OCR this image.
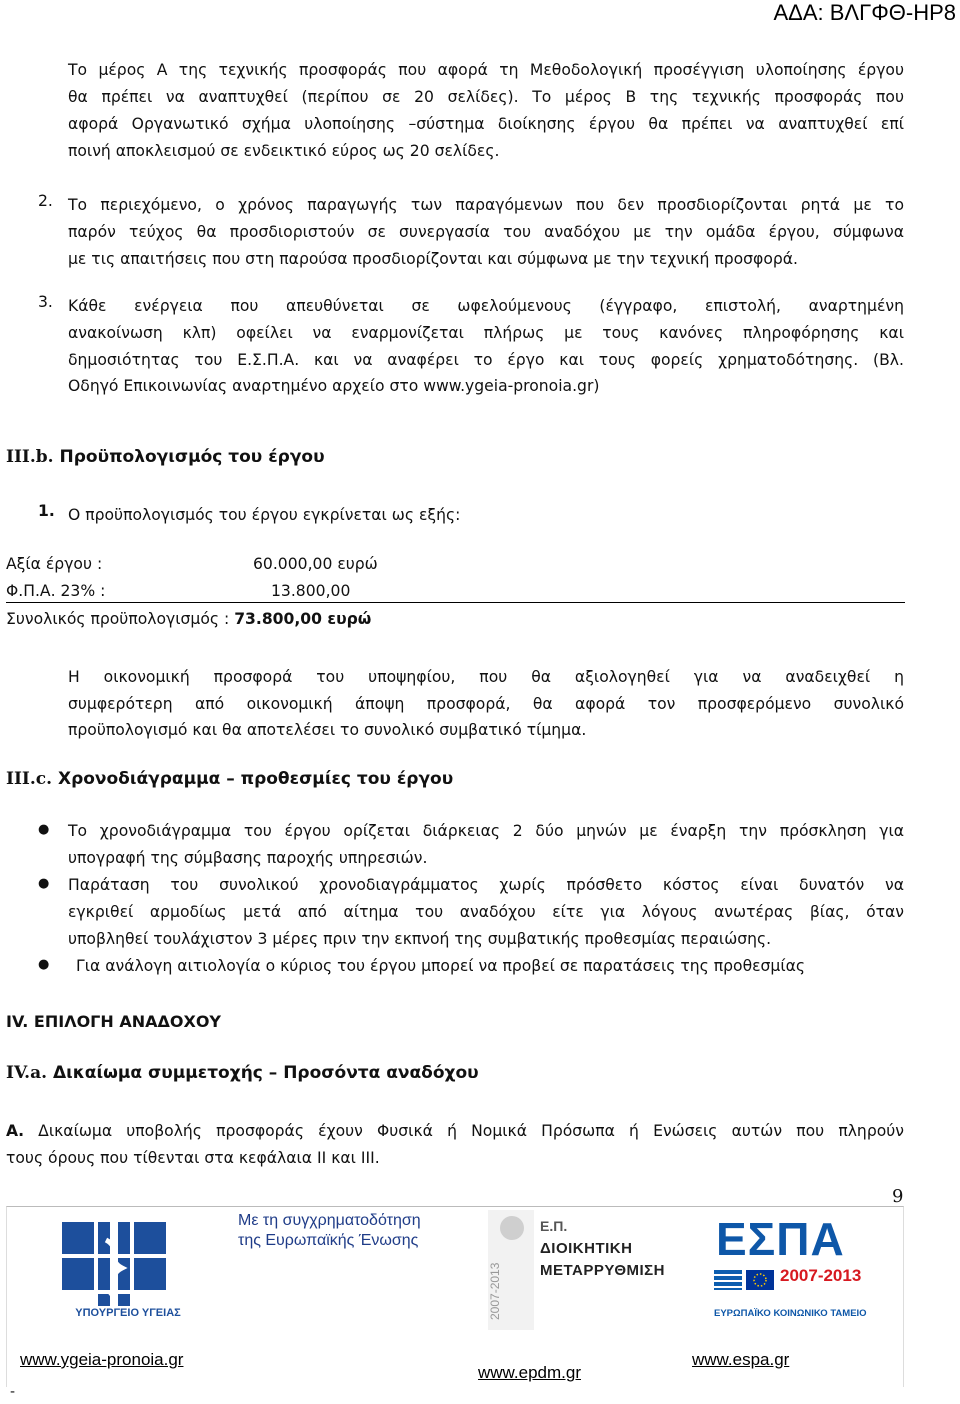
ΑΔΑ: ΒΛΓΦΘ-ΗΡ8
Το μέρος Α της τεχνικής προσφοράς που αφορά τη Μεθοδολογική προσέγγιση υλοποίησης έργου
θα πρέπει να αναπτυχθεί (περίπου σε 20 σελίδες). Το μέρος Β της τεχνικής προσφοράς που
αφορά Οργανωτικό σχήμα υλοποίησης –σύστημα διοίκησης έργου θα πρέπει να αναπτυχθεί επί
ποινή αποκλεισμού σε ενδεικτικό εύρος ως 20 σελίδες.
2. Το περιεχόμενο, ο χρόνος παραγωγής των παραγόμενων που δεν προσδιορίζονται ρητά με το
παρόν τεύχος θα προσδιοριστούν σε συνεργασία του αναδόχου με την ομάδα έργου, σύμφωνα
με τις απαιτήσεις που στη παρούσα προσδιορίζονται και σύμφωνα με την τεχνική προσφορά.
3. Κάθε ενέργεια που απευθύνεται σε ωφελούμενους (έγγραφο, επιστολή, αναρτημένη
ανακοίνωση κλπ) οφείλει να εναρμονίζεται πλήρως με τους κανόνες πληροφόρησης και
δημοσιότητας του Ε.Σ.Π.Α. και να αναφέρει το έργο και τους φορείς χρηματοδότησης. (Βλ.
Οδηγό Επικοινωνίας αναρτημένο αρχείο στο www.ygeia-pronoia.gr)
III.b. Προϋπολογισμός του έργου
1. Ο προϋπολογισμός του έργου εγκρίνεται ως εξής:
Αξία έργου :	60.000,00 ευρώ
Φ.Π.Α. 23% :	13.800,00
Συνολικός προϋπολογισμός : 73.800,00 ευρώ
Η οικονομική προσφορά του υποψηφίου, που θα αξιολογηθεί για να αναδειχθεί η
συμφερότερη από οικονομική άποψη προσφορά, θα αφορά τον προσφερόμενο συνολικό
προϋπολογισμό και θα αποτελέσει το συνολικό συμβατικό τίμημα.
III.c. Χρονοδιάγραμμα – προθεσμίες του έργου
● Το χρονοδιάγραμμα του έργου ορίζεται διάρκειας 2 δύο μηνών με έναρξη την πρόσκληση για
υπογραφή της σύμβασης παροχής υπηρεσιών.
● Παράταση του συνολικού χρονοδιαγράμματος χωρίς πρόσθετο κόστος είναι δυνατόν να
εγκριθεί αρμοδίως μετά από αίτημα του αναδόχου είτε για λόγους ανωτέρας βίας, όταν
υποβληθεί τουλάχιστον 3 μέρες πριν την εκπνοή της συμβατικής προθεσμίας περαιώσης.
● Για ανάλογη αιτιολογία ο κύριος του έργου μπορεί να προβεί σε παρατάσεις της προθεσμίας
IV. ΕΠΙΛΟΓΗ ΑΝΑΔΟΧΟΥ
IV.a. Δικαίωμα συμμετοχής – Προσόντα αναδόχου
Α. Δικαίωμα υποβολής προσφοράς έχουν Φυσικά ή Νομικά Πρόσωπα ή Ενώσεις αυτών που πληρούν
τους όρους που τίθενται στα κεφάλαια ΙΙ και ΙΙΙ.
9
ΥΠΟΥΡΓΕΙΟ ΥΓΕΙΑΣ
Με τη συγχρηματοδότηση
της Ευρωπαϊκής Ένωσης
2007-2013
Ε.Π.
ΔΙΟΙΚΗΤΙΚΗ
ΜΕΤΑΡΡΥΘΜΙΣΗ
ΕΣΠΑ
2007-2013
ΕΥΡΩΠΑΪΚΟ ΚΟΙΝΩΝΙΚΟ ΤΑΜΕΙΟ
www.ygeia-pronoia.gr
www.epdm.gr
www.espa.gr
-
